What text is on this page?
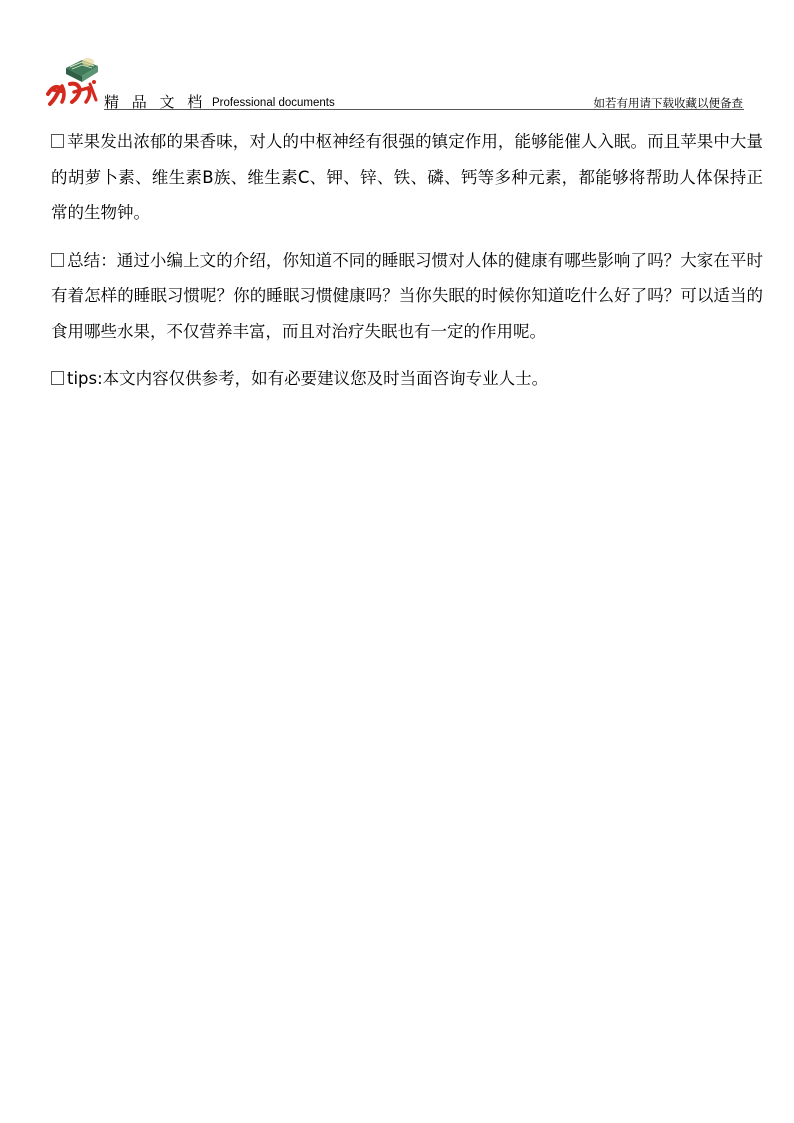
精 品 文 档 Professional documents	如若有用请下载收藏以便备查

苹果发出浓郁的果香味，对人的中枢神经有很强的镇定作用，能够能催人入眠。而且苹果中大量的胡萝卜素、维生素B族、维生素C、钾、锌、铁、磷、钙等多种元素，都能够将帮助人体保持正常的生物钟。

总结：通过小编上文的介绍，你知道不同的睡眠习惯对人体的健康有哪些影响了吗？大家在平时有着怎样的睡眠习惯呢？你的睡眠习惯健康吗？当你失眠的时候你知道吃什么好了吗？可以适当的食用哪些水果，不仅营养丰富，而且对治疗失眠也有一定的作用呢。

tips:本文内容仅供参考，如有必要建议您及时当面咨询专业人士。
